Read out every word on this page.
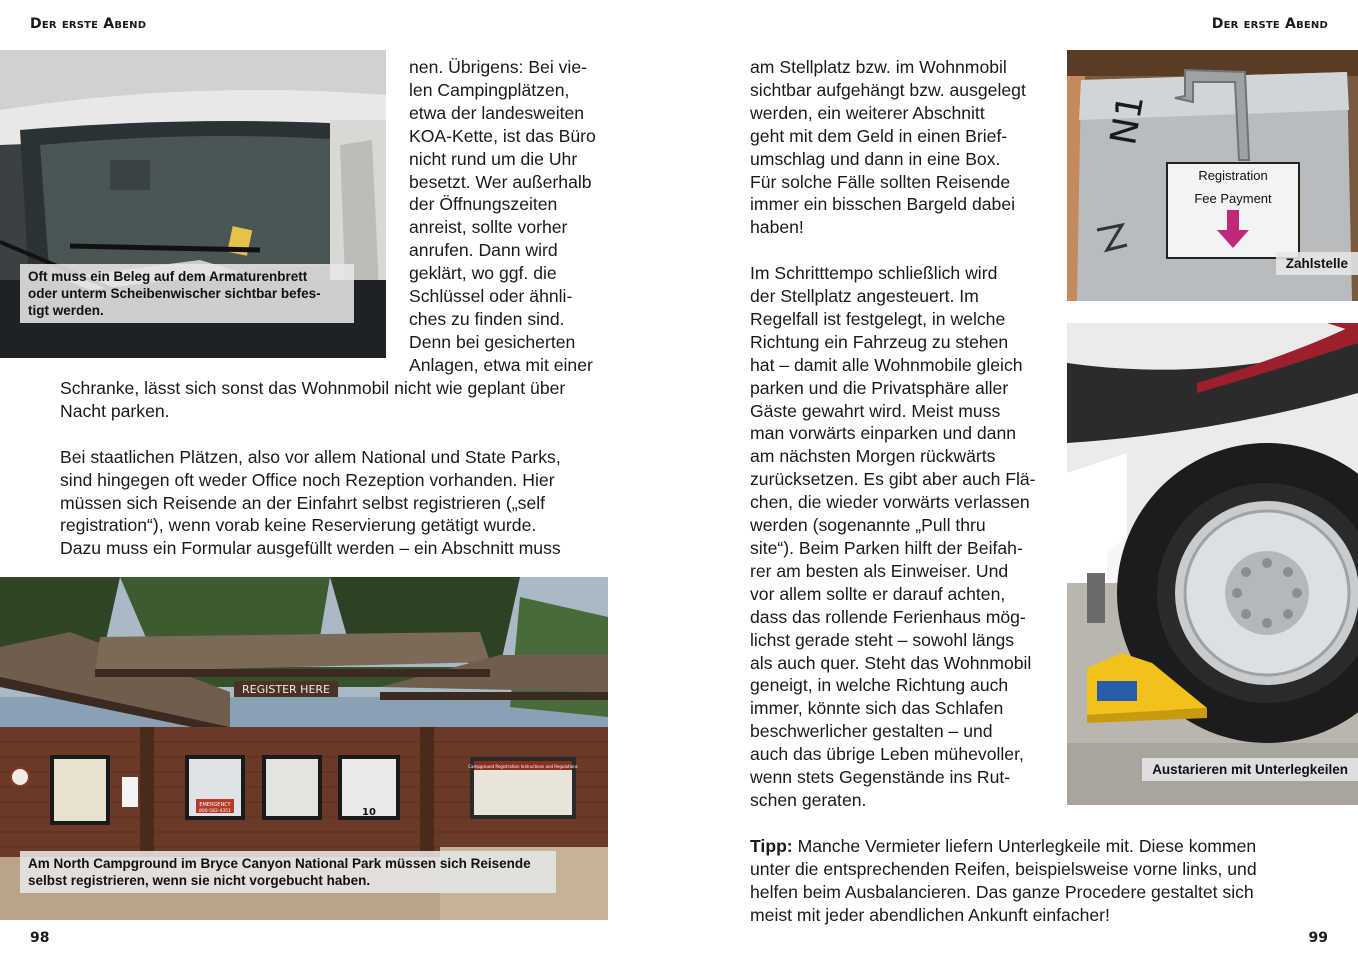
Der erste Abend
98
Oft muss ein Beleg auf dem Armaturenbrett
oder unterm Scheibenwischer sichtbar befes-
tigt werden.

nen. Übrigens: Bei vie-

len Campingplätzen,

etwa der landesweiten

KOA-Kette, ist das Büro

nicht rund um die Uhr

besetzt. Wer außerhalb

der Öffnungszeiten

anreist, sollte vorher

anrufen. Dann wird

geklärt, wo ggf. die

Schlüssel oder ähnli-

ches zu finden sind.

Denn bei gesicherten

Anlagen, etwa mit einer

Schranke, lässt sich sonst das Wohnmobil nicht wie geplant über

Nacht parken.

Bei staatlichen Plätzen, also vor allem National und State Parks,

sind hingegen oft weder Office noch Rezeption vorhanden. Hier

müssen sich Reisende an der Einfahrt selbst registrieren („self

registration“), wenn vorab keine Reservierung getätigt wurde.

Dazu muss ein Formular ausgefüllt werden – ein Abschnitt muss

REGISTER HERE
EMERGENCY
800-582-4351	10
Campground Registration Instructions and Regulations
Am North Campground im Bryce Canyon National Park müssen sich Reisende
selbst registrieren, wenn sie nicht vorgebucht haben.
Der erste Abend
99

am Stellplatz bzw. im Wohnmobil

sichtbar aufgehängt bzw. ausgelegt

werden, ein weiterer Abschnitt

geht mit dem Geld in einen Brief-

umschlag und dann in eine Box.

Für solche Fälle sollten Reisende

immer ein bisschen Bargeld dabei

haben!

Im Schritttempo schließlich wird

der Stellplatz angesteuert. Im

Regelfall ist festgelegt, in welche

Richtung ein Fahrzeug zu stehen

hat – damit alle Wohnmobile gleich

parken und die Privatsphäre aller

Gäste gewahrt wird. Meist muss

man vorwärts einparken und dann

am nächsten Morgen rückwärts

zurücksetzen. Es gibt aber auch Flä-

chen, die wieder vorwärts verlassen

werden (sogenannte „Pull thru

site“). Beim Parken hilft der Beifah-

rer am besten als Einweiser. Und

vor allem sollte er darauf achten,

dass das rollende Ferienhaus mög-

lichst gerade steht – sowohl längs

als auch quer. Steht das Wohnmobil

geneigt, in welche Richtung auch

immer, könnte sich das Schlafen

beschwerlicher gestalten – und

auch das übrige Leben mühevoller,

wenn stets Gegenstände ins Rut-

schen geraten.

Tipp: Manche Vermieter liefern Unterlegkeile mit. Diese kommen

unter die entsprechenden Reifen, beispielsweise vorne links, und

helfen beim Ausbalancieren. Das ganze Procedere gestaltet sich

meist mit jeder abendlichen Ankunft einfacher!

Registration
Fee Payment
N1
Zahlstelle
Austarieren mit Unterlegkeilen
